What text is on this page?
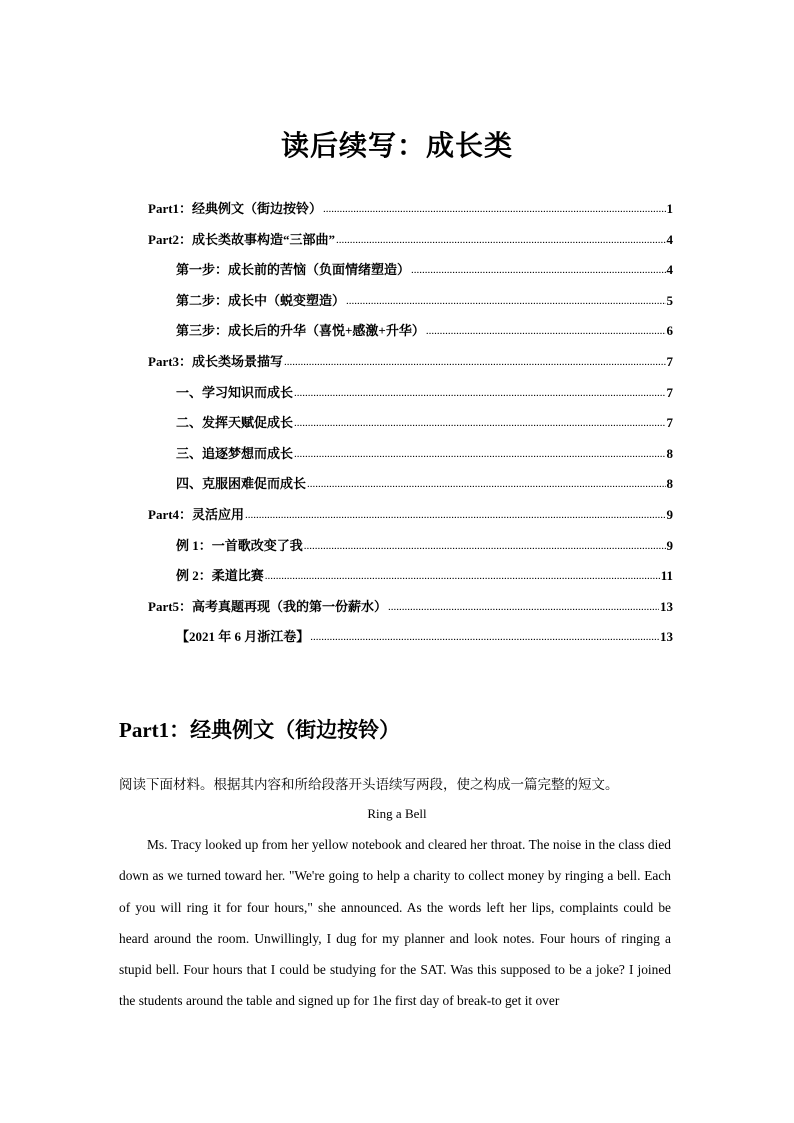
读后续写：成长类
Part1：经典例文（街边按铃） .....	1
Part2：成长类故事构造“三部曲” .....	4
第一步：成长前的苦恼（负面情绪塑造） .....	4
第二步：成长中（蜕变塑造） .....	5
第三步：成长后的升华（喜悦+感激+升华） .....	6
Part3：成长类场景描写 .....	7
一、学习知识而成长 .....	7
二、发挥天赋促成长 .....	7
三、追逐梦想而成长 .....	8
四、克服困难促而成长 .....	8
Part4：灵活应用 .....	9
例 1：一首歌改变了我 .....	9
例 2：柔道比赛 .....	11
Part5：高考真题再现（我的第一份薪水） .....	13
【2021 年 6 月浙江卷】 .....	13
Part1：经典例文（街边按铃）
阅读下面材料。根据其内容和所给段落开头语续写两段，使之构成一篇完整的短文。
Ring a Bell

Ms. Tracy looked up from her yellow notebook and cleared her throat. The noise in the class died down as we turned toward her. "We're going to help a charity to collect money by ringing a bell. Each of you will ring it for four hours," she announced. As the words left her lips, complaints could be heard around the room. Unwillingly, I dug for my planner and look notes. Four hours of ringing a stupid bell. Four hours that I could be studying for the SAT. Was this supposed to be a joke? I joined the students around the table and signed up for 1he first day of break-to get it over
